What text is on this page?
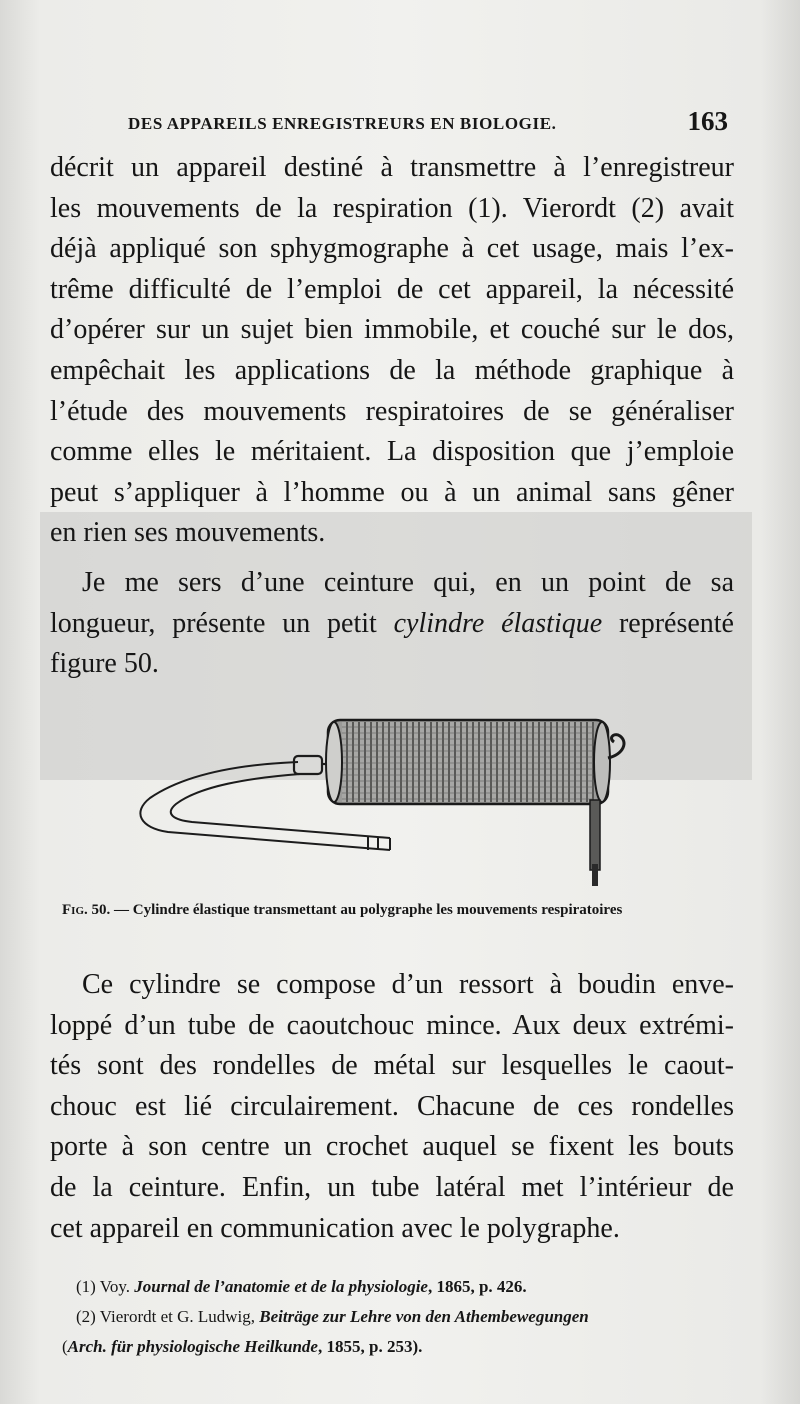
DES APPAREILS ENREGISTREURS EN BIOLOGIE.	163
décrit un appareil destiné à transmettre à l’enregistreur
les mouvements de la respiration (1). Vierordt (2) avait
déjà appliqué son sphygmographe à cet usage, mais l’ex-
trême difficulté de l’emploi de cet appareil, la nécessité
d’opérer sur un sujet bien immobile, et couché sur le dos,
empêchait les applications de la méthode graphique à
l’étude des mouvements respiratoires de se généraliser
comme elles le méritaient. La disposition que j’emploie
peut s’appliquer à l’homme ou à un animal sans gêner
en rien ses mouvements.
Je me sers d’une ceinture qui, en un point de sa
longueur, présente un petit cylindre élastique représenté
figure 50.
Fig. 50. — Cylindre élastique transmettant au polygraphe les mouvements respiratoires
Ce cylindre se compose d’un ressort à boudin enve-
loppé d’un tube de caoutchouc mince. Aux deux extrémi-
tés sont des rondelles de métal sur lesquelles le caout-
chouc est lié circulairement. Chacune de ces rondelles
porte à son centre un crochet auquel se fixent les bouts
de la ceinture. Enfin, un tube latéral met l’intérieur de
cet appareil en communication avec le polygraphe.
(1) Voy. Journal de l’anatomie et de la physiologie, 1865, p. 426.
(2) Vierordt et G. Ludwig, Beiträge zur Lehre von den Athembewegungen
(Arch. für physiologische Heilkunde, 1855, p. 253).
